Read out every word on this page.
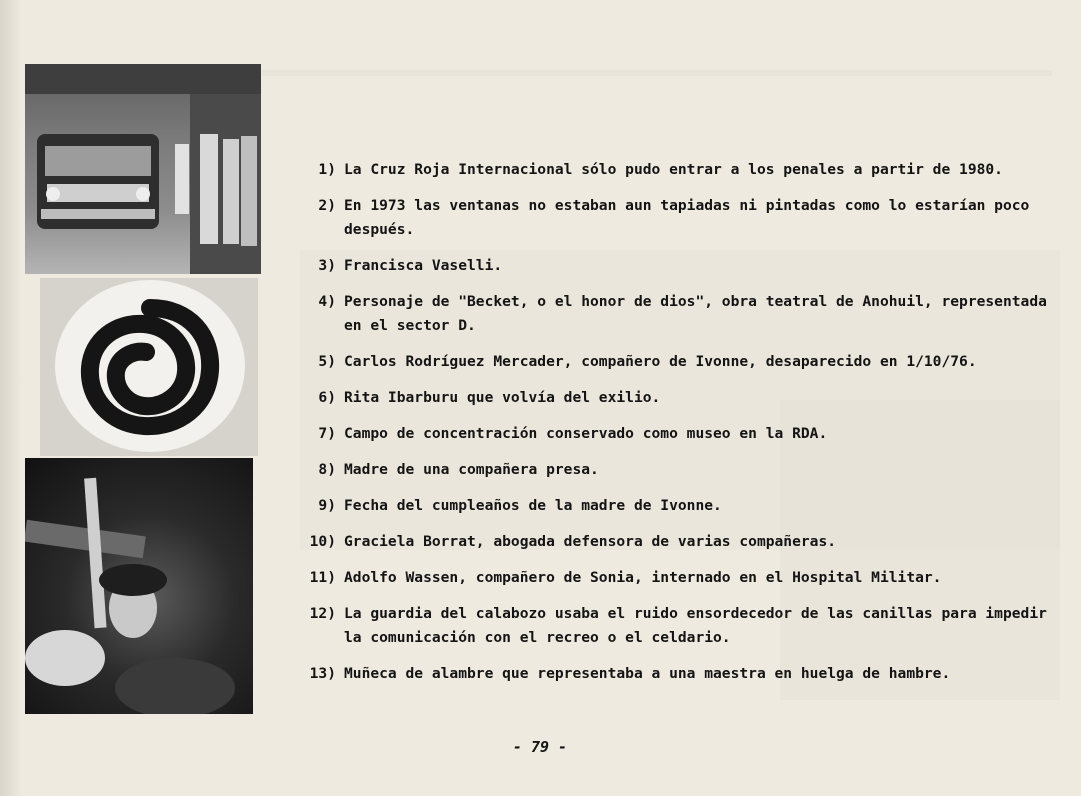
1) La Cruz Roja Internacional sólo pudo entrar a los penales a partir de 1980.
2) En 1973 las ventanas no estaban aun tapiadas ni pintadas como lo estarían poco después.
3) Francisca Vaselli.
4) Personaje de "Becket, o el honor de dios", obra teatral de Anohuil, representada en el sector D.
5) Carlos Rodríguez Mercader, compañero de Ivonne, desaparecido en 1/10/76.
6) Rita Ibarburu que volvía del exilio.
7) Campo de concentración conservado como museo en la RDA.
8) Madre de una compañera presa.
9) Fecha del cumpleaños de la madre de Ivonne.
10) Graciela Borrat, abogada defensora de varias compañeras.
11) Adolfo Wassen, compañero de Sonia, internado en el Hospital Militar.
12) La guardia del calabozo usaba el ruido ensordecedor de las canillas para impedir la comunicación con el recreo o el celdario.
13) Muñeca de alambre que representaba a una maestra en huelga de hambre.
- 79 -
